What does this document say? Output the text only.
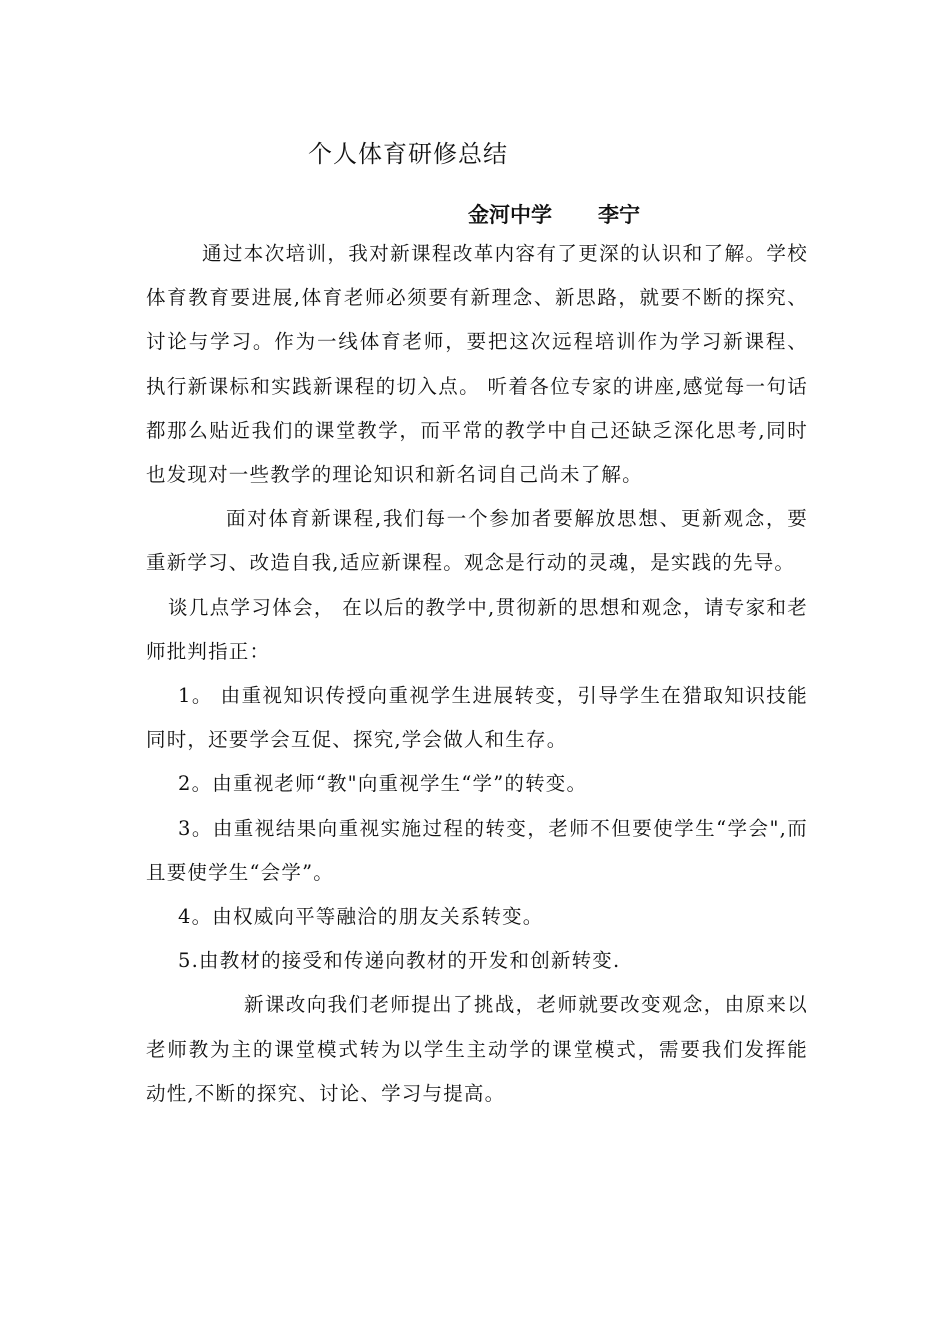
个人体育研修总结
金河中学 李宁

通过本次培训，我对新课程改革内容有了更深的认识和了解。学校体育教育要进展,体育老师必须要有新理念、新思路，就要不断的探究、讨论与学习。作为一线体育老师，要把这次远程培训作为学习新课程、执行新课标和实践新课程的切入点。 听着各位专家的讲座,感觉每一句话都那么贴近我们的课堂教学，而平常的教学中自己还缺乏深化思考,同时也发现对一些教学的理论知识和新名词自己尚未了解。

面对体育新课程,我们每一个参加者要解放思想、更新观念，要重新学习、改造自我,适应新课程。观念是行动的灵魂，是实践的先导。

谈几点学习体会， 在以后的教学中,贯彻新的思想和观念，请专家和老师批判指正：

1。 由重视知识传授向重视学生进展转变，引导学生在猎取知识技能同时，还要学会互促、探究,学会做人和生存。

2。由重视老师“教"向重视学生“学”的转变。

3。由重视结果向重视实施过程的转变，老师不但要使学生“学会",而且要使学生“会学”。

4。由权威向平等融洽的朋友关系转变。

5.由教材的接受和传递向教材的开发和创新转变.

新课改向我们老师提出了挑战，老师就要改变观念，由原来以老师教为主的课堂模式转为以学生主动学的课堂模式，需要我们发挥能动性,不断的探究、讨论、学习与提高。
